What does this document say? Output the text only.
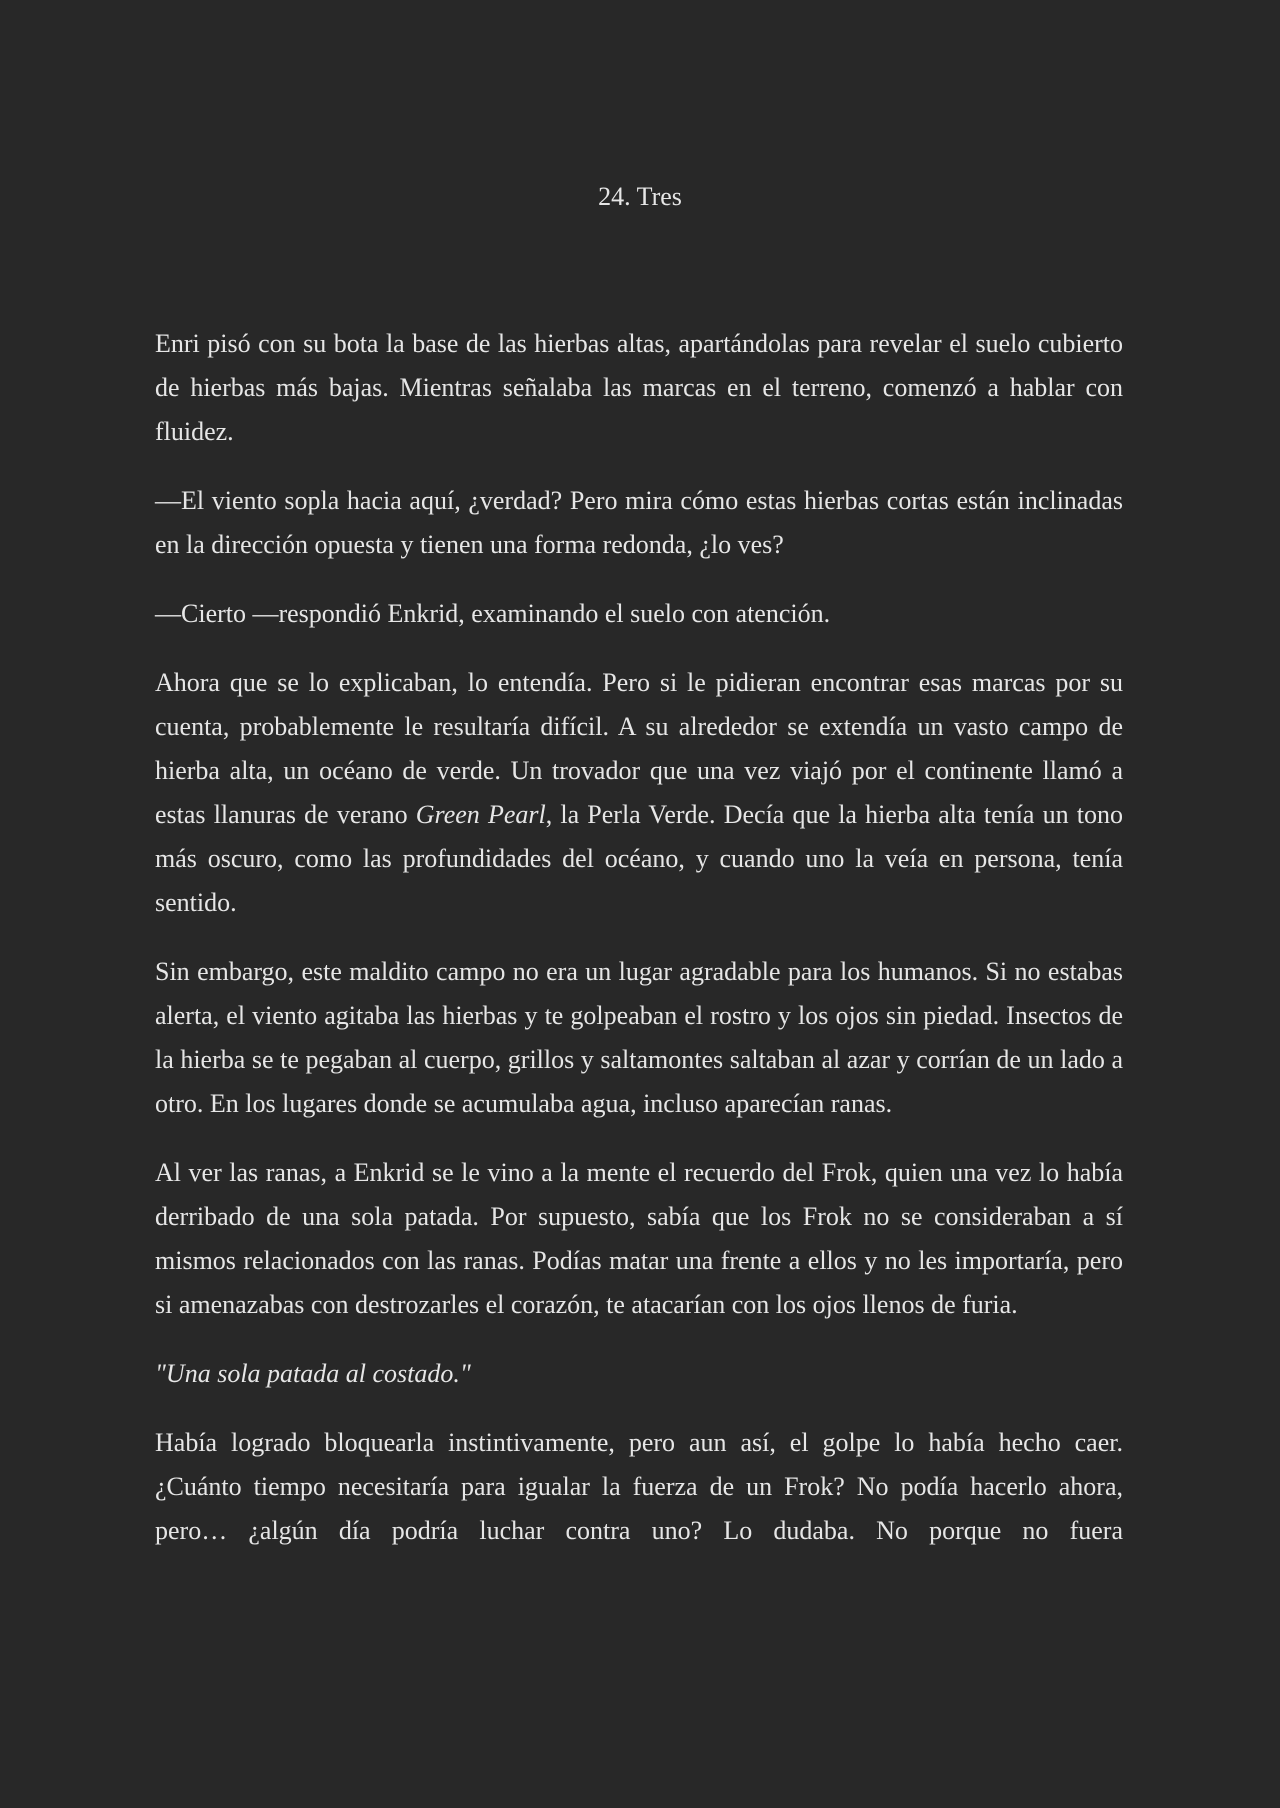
24. Tres

Enri pisó con su bota la base de las hierbas altas, apartándolas para revelar el suelo cubierto de hierbas más bajas. Mientras señalaba las marcas en el terreno, comenzó a hablar con fluidez.

—El viento sopla hacia aquí, ¿verdad? Pero mira cómo estas hierbas cortas están inclinadas en la dirección opuesta y tienen una forma redonda, ¿lo ves?

—Cierto —respondió Enkrid, examinando el suelo con atención.

Ahora que se lo explicaban, lo entendía. Pero si le pidieran encontrar esas marcas por su cuenta, probablemente le resultaría difícil. A su alrededor se extendía un vasto campo de hierba alta, un océano de verde. Un trovador que una vez viajó por el continente llamó a estas llanuras de verano Green Pearl, la Perla Verde. Decía que la hierba alta tenía un tono más oscuro, como las profundidades del océano, y cuando uno la veía en persona, tenía sentido.

Sin embargo, este maldito campo no era un lugar agradable para los humanos. Si no estabas alerta, el viento agitaba las hierbas y te golpeaban el rostro y los ojos sin piedad. Insectos de la hierba se te pegaban al cuerpo, grillos y saltamontes saltaban al azar y corrían de un lado a otro. En los lugares donde se acumulaba agua, incluso aparecían ranas.

Al ver las ranas, a Enkrid se le vino a la mente el recuerdo del Frok, quien una vez lo había derribado de una sola patada. Por supuesto, sabía que los Frok no se consideraban a sí mismos relacionados con las ranas. Podías matar una frente a ellos y no les importaría, pero si amenazabas con destrozarles el corazón, te atacarían con los ojos llenos de furia.

"Una sola patada al costado."

Había logrado bloquearla instintivamente, pero aun así, el golpe lo había hecho caer. ¿Cuánto tiempo necesitaría para igualar la fuerza de un Frok? No podía hacerlo ahora, pero… ¿algún día podría luchar contra uno? Lo dudaba. No porque no fuera
